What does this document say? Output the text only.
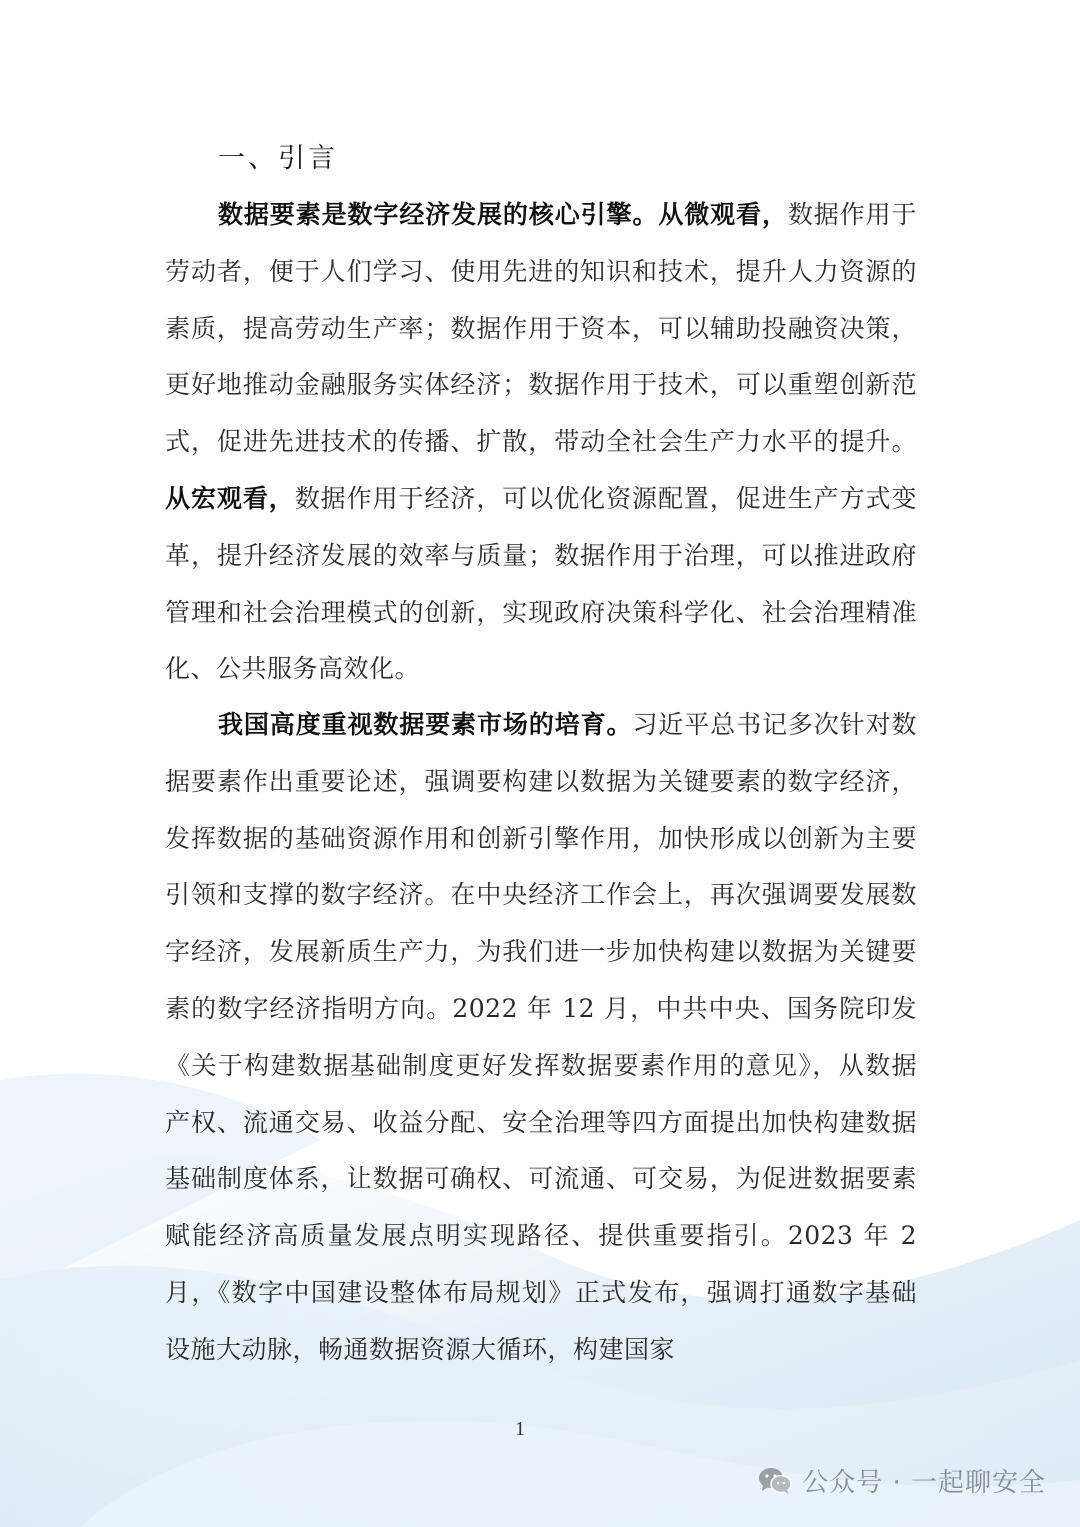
一、引言

数据要素是数字经济发展的核心引擎。从微观看，数据作用于劳动者，便于人们学习、使用先进的知识和技术，提升人力资源的素质，提高劳动生产率；数据作用于资本，可以辅助投融资决策，更好地推动金融服务实体经济；数据作用于技术，可以重塑创新范式，促进先进技术的传播、扩散，带动全社会生产力水平的提升。从宏观看，数据作用于经济，可以优化资源配置，促进生产方式变革，提升经济发展的效率与质量；数据作用于治理，可以推进政府管理和社会治理模式的创新，实现政府决策科学化、社会治理精准化、公共服务高效化。

我国高度重视数据要素市场的培育。习近平总书记多次针对数据要素作出重要论述，强调要构建以数据为关键要素的数字经济，发挥数据的基础资源作用和创新引擎作用，加快形成以创新为主要引领和支撑的数字经济。在中央经济工作会上，再次强调要发展数字经济，发展新质生产力，为我们进一步加快构建以数据为关键要素的数字经济指明方向。2022 年 12 月，中共中央、国务院印发《关于构建数据基础制度更好发挥数据要素作用的意见》，从数据产权、流通交易、收益分配、安全治理等四方面提出加快构建数据基础制度体系，让数据可确权、可流通、可交易，为促进数据要素赋能经济高质量发展点明实现路径、提供重要指引。2023 年 2 月，《数字中国建设整体布局规划》正式发布，强调打通数字基础设施大动脉，畅通数据资源大循环，构建国家

1
公众号 · 一起聊安全
